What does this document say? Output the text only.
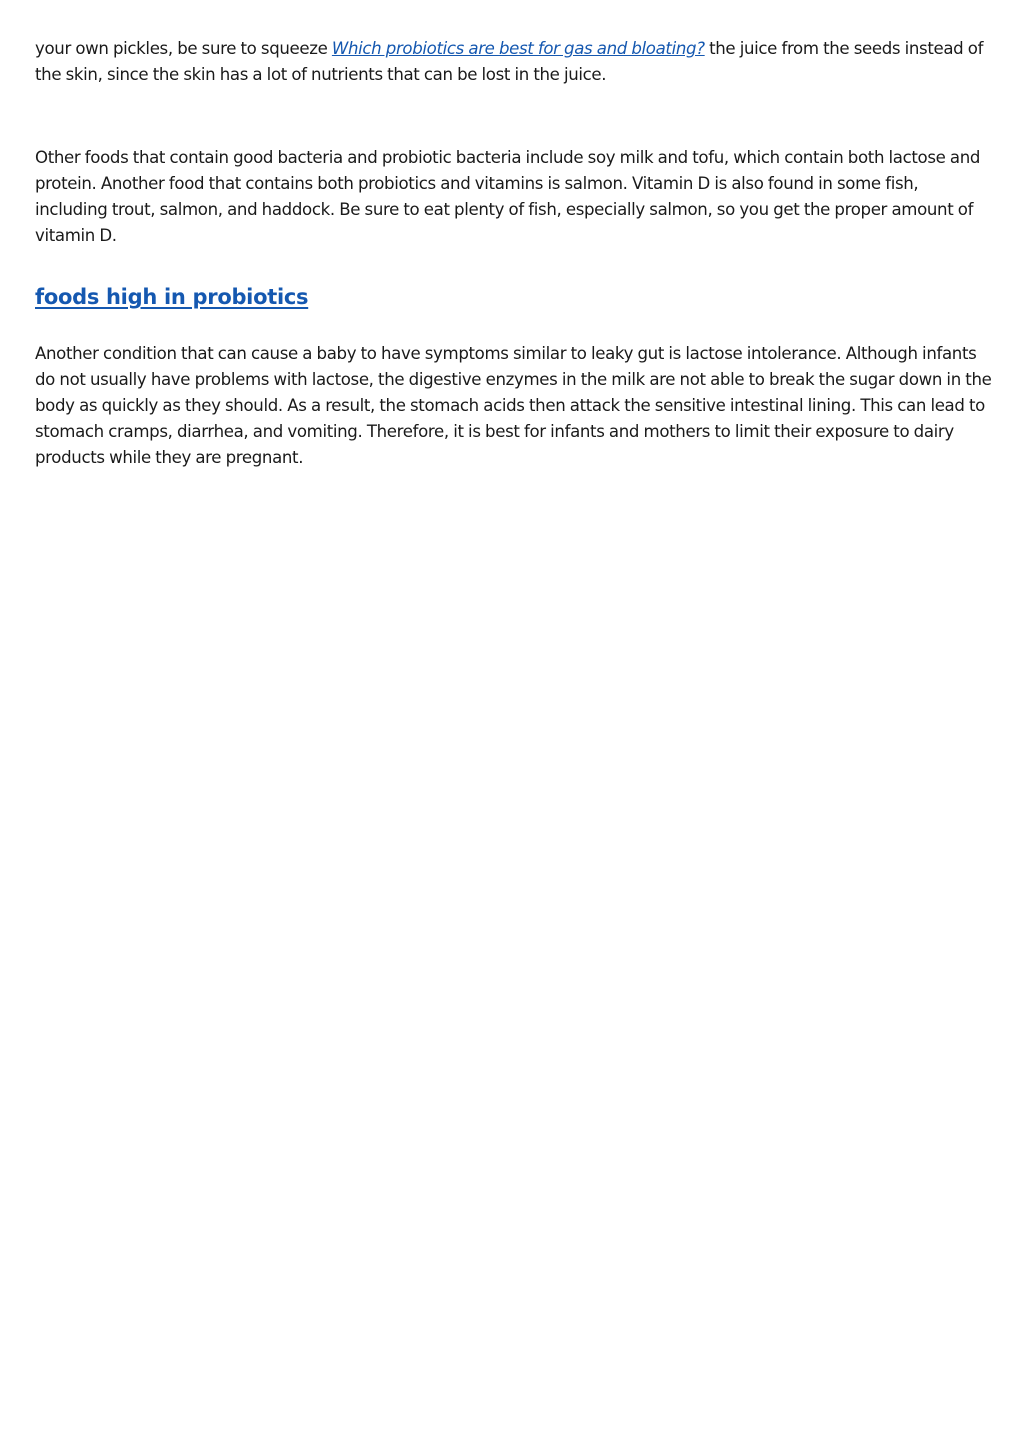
your own pickles, be sure to squeeze Which probiotics are best for gas and bloating? the juice from the seeds instead of the skin, since the skin has a lot of nutrients that can be lost in the juice.

Other foods that contain good bacteria and probiotic bacteria include soy milk and tofu, which contain both lactose and protein. Another food that contains both probiotics and vitamins is salmon. Vitamin D is also found in some fish, including trout, salmon, and haddock. Be sure to eat plenty of fish, especially salmon, so you get the proper amount of vitamin D.

foods high in probiotics

Another condition that can cause a baby to have symptoms similar to leaky gut is lactose intolerance. Although infants do not usually have problems with lactose, the digestive enzymes in the milk are not able to break the sugar down in the body as quickly as they should. As a result, the stomach acids then attack the sensitive intestinal lining. This can lead to stomach cramps, diarrhea, and vomiting. Therefore, it is best for infants and mothers to limit their exposure to dairy products while they are pregnant.
